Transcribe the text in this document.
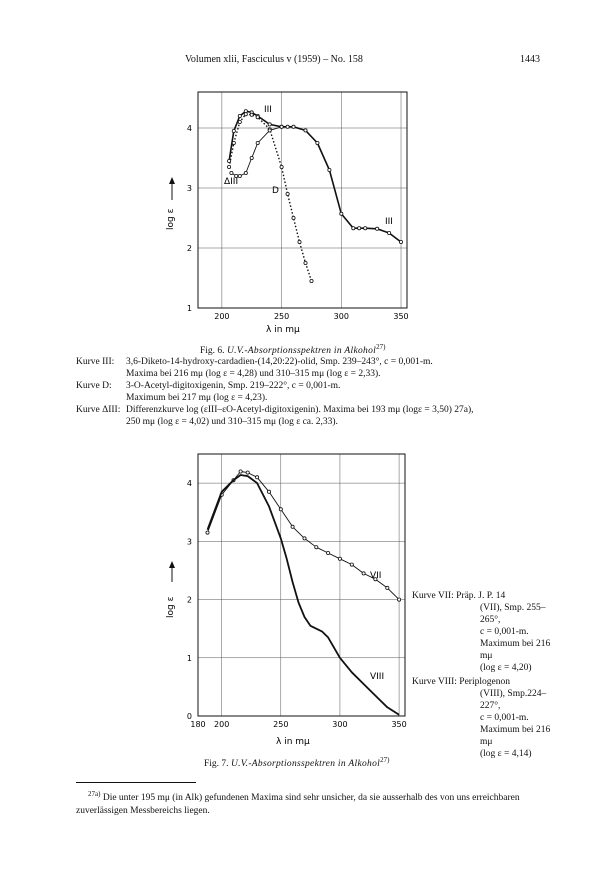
Volumen xlii, Fasciculus v (1959) – No. 158	1443
200	250	300	350
1
2
3
4
III
ΔIII
D
III
λ in mμ
log ε
Fig. 6. U.V.-Absorptionsspektren in Alkohol$^{27)}$
Kurve III: 3,6-Diketo-14-hydroxy-cardadien-(14,20:22)-olid, Smp. 239–243°, c = 0,001-m.
Maxima bei 216 mμ (log ε = 4,28) und 310–315 mμ (log ε = 2,33).
Kurve D: 3-O-Acetyl-digitoxigenin, Smp. 219–222°, c = 0,001-m.
Maximum bei 217 mμ (log ε = 4,23).
Kurve ΔIII: Differenzkurve log (εIII–εO-Acetyl-digitoxigenin). Maxima bei 193 mμ (logε = 3,50) 27a),
250 mμ (log ε = 4,02) und 310–315 mμ (log ε ca. 2,33).
180 200	250	300	350
0
1
2
3
4
VII
VIII
λ in mμ
log ε
Kurve VII: Präp. J. P. 14
(VII), Smp. 255–265°,
c = 0,001-m.
Maximum bei 216 mμ
(log ε = 4,20)
Kurve VIII: Periplogenon
(VIII), Smp.224–227°,
c = 0,001-m.
Maximum bei 216 mμ
(log ε = 4,14)
Fig. 7. U.V.-Absorptionsspektren in Alkohol$^{27)}$
$^{27a)}$ Die unter 195 mμ (in Alk) gefundenen Maxima sind sehr unsicher, da sie ausserhalb des von uns erreichbaren zuverlässigen Messbereichs liegen.
